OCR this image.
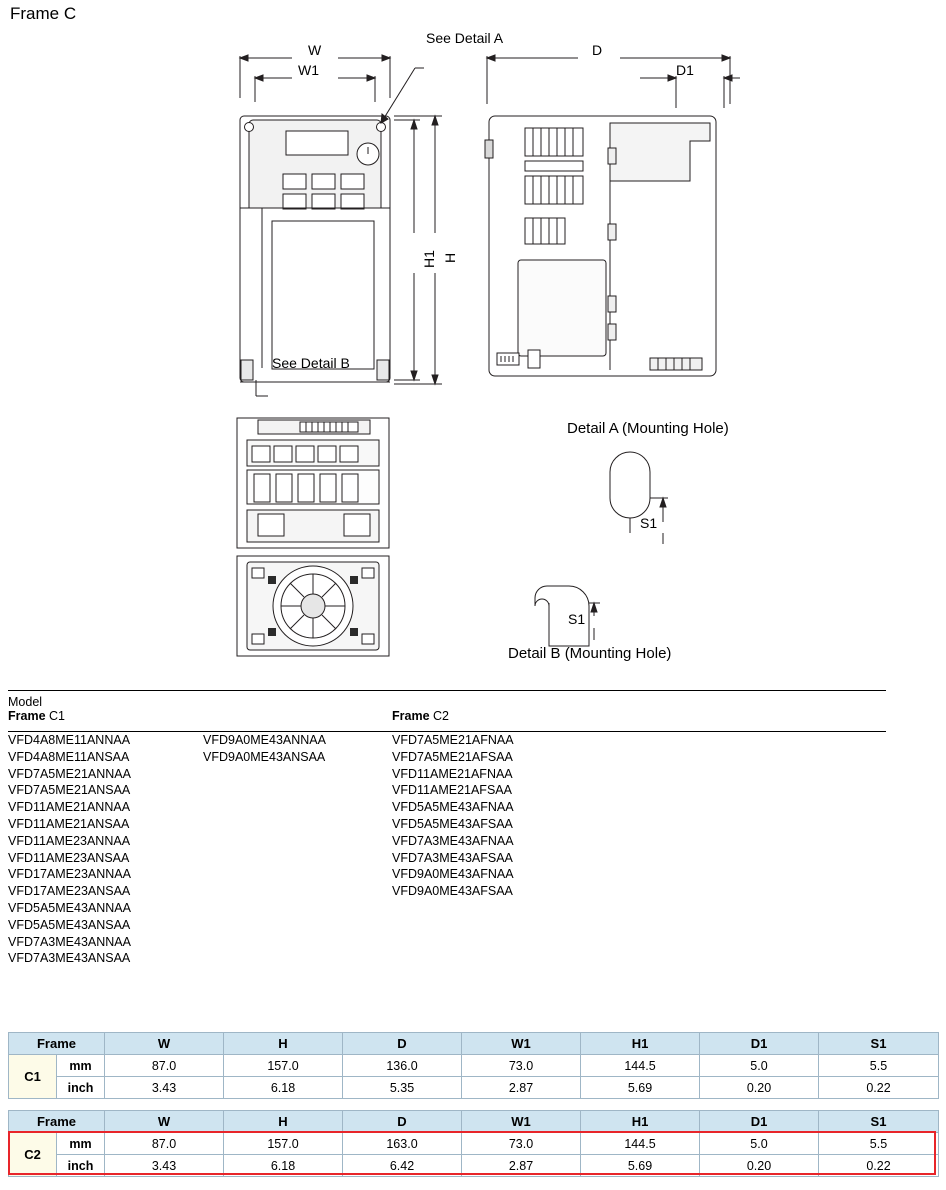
Frame C
W
W1
D
D1
H1 H
See Detail A
See Detail B
S1
S1
Detail A (Mounting Hole)
Detail B (Mounting Hole)
Model
Frame C1	Frame C2
VFD4A8ME11ANNAA
VFD4A8ME11ANSAA
VFD7A5ME21ANNAA
VFD7A5ME21ANSAA
VFD11AME21ANNAA
VFD11AME21ANSAA
VFD11AME23ANNAA
VFD11AME23ANSAA
VFD17AME23ANNAA
VFD17AME23ANSAA
VFD5A5ME43ANNAA
VFD5A5ME43ANSAA
VFD7A3ME43ANNAA
VFD7A3ME43ANSAA
VFD9A0ME43ANNAA
VFD9A0ME43ANSAA
VFD7A5ME21AFNAA
VFD7A5ME21AFSAA
VFD11AME21AFNAA
VFD11AME21AFSAA
VFD5A5ME43AFNAA
VFD5A5ME43AFSAA
VFD7A3ME43AFNAA
VFD7A3ME43AFSAA
VFD9A0ME43AFNAA
VFD9A0ME43AFSAA
Frame		W	H	D	W1	H1	D1	S1
C1	mm	87.0	157.0	136.0	73.0	144.5	5.0	5.5
	inch	3.43	6.18	5.35	2.87	5.69	0.20	0.22
Frame		W	H	D	W1	H1	D1	S1
C2	mm	87.0	157.0	163.0	73.0	144.5	5.0	5.5
	inch	3.43	6.18	6.42	2.87	5.69	0.20	0.22
